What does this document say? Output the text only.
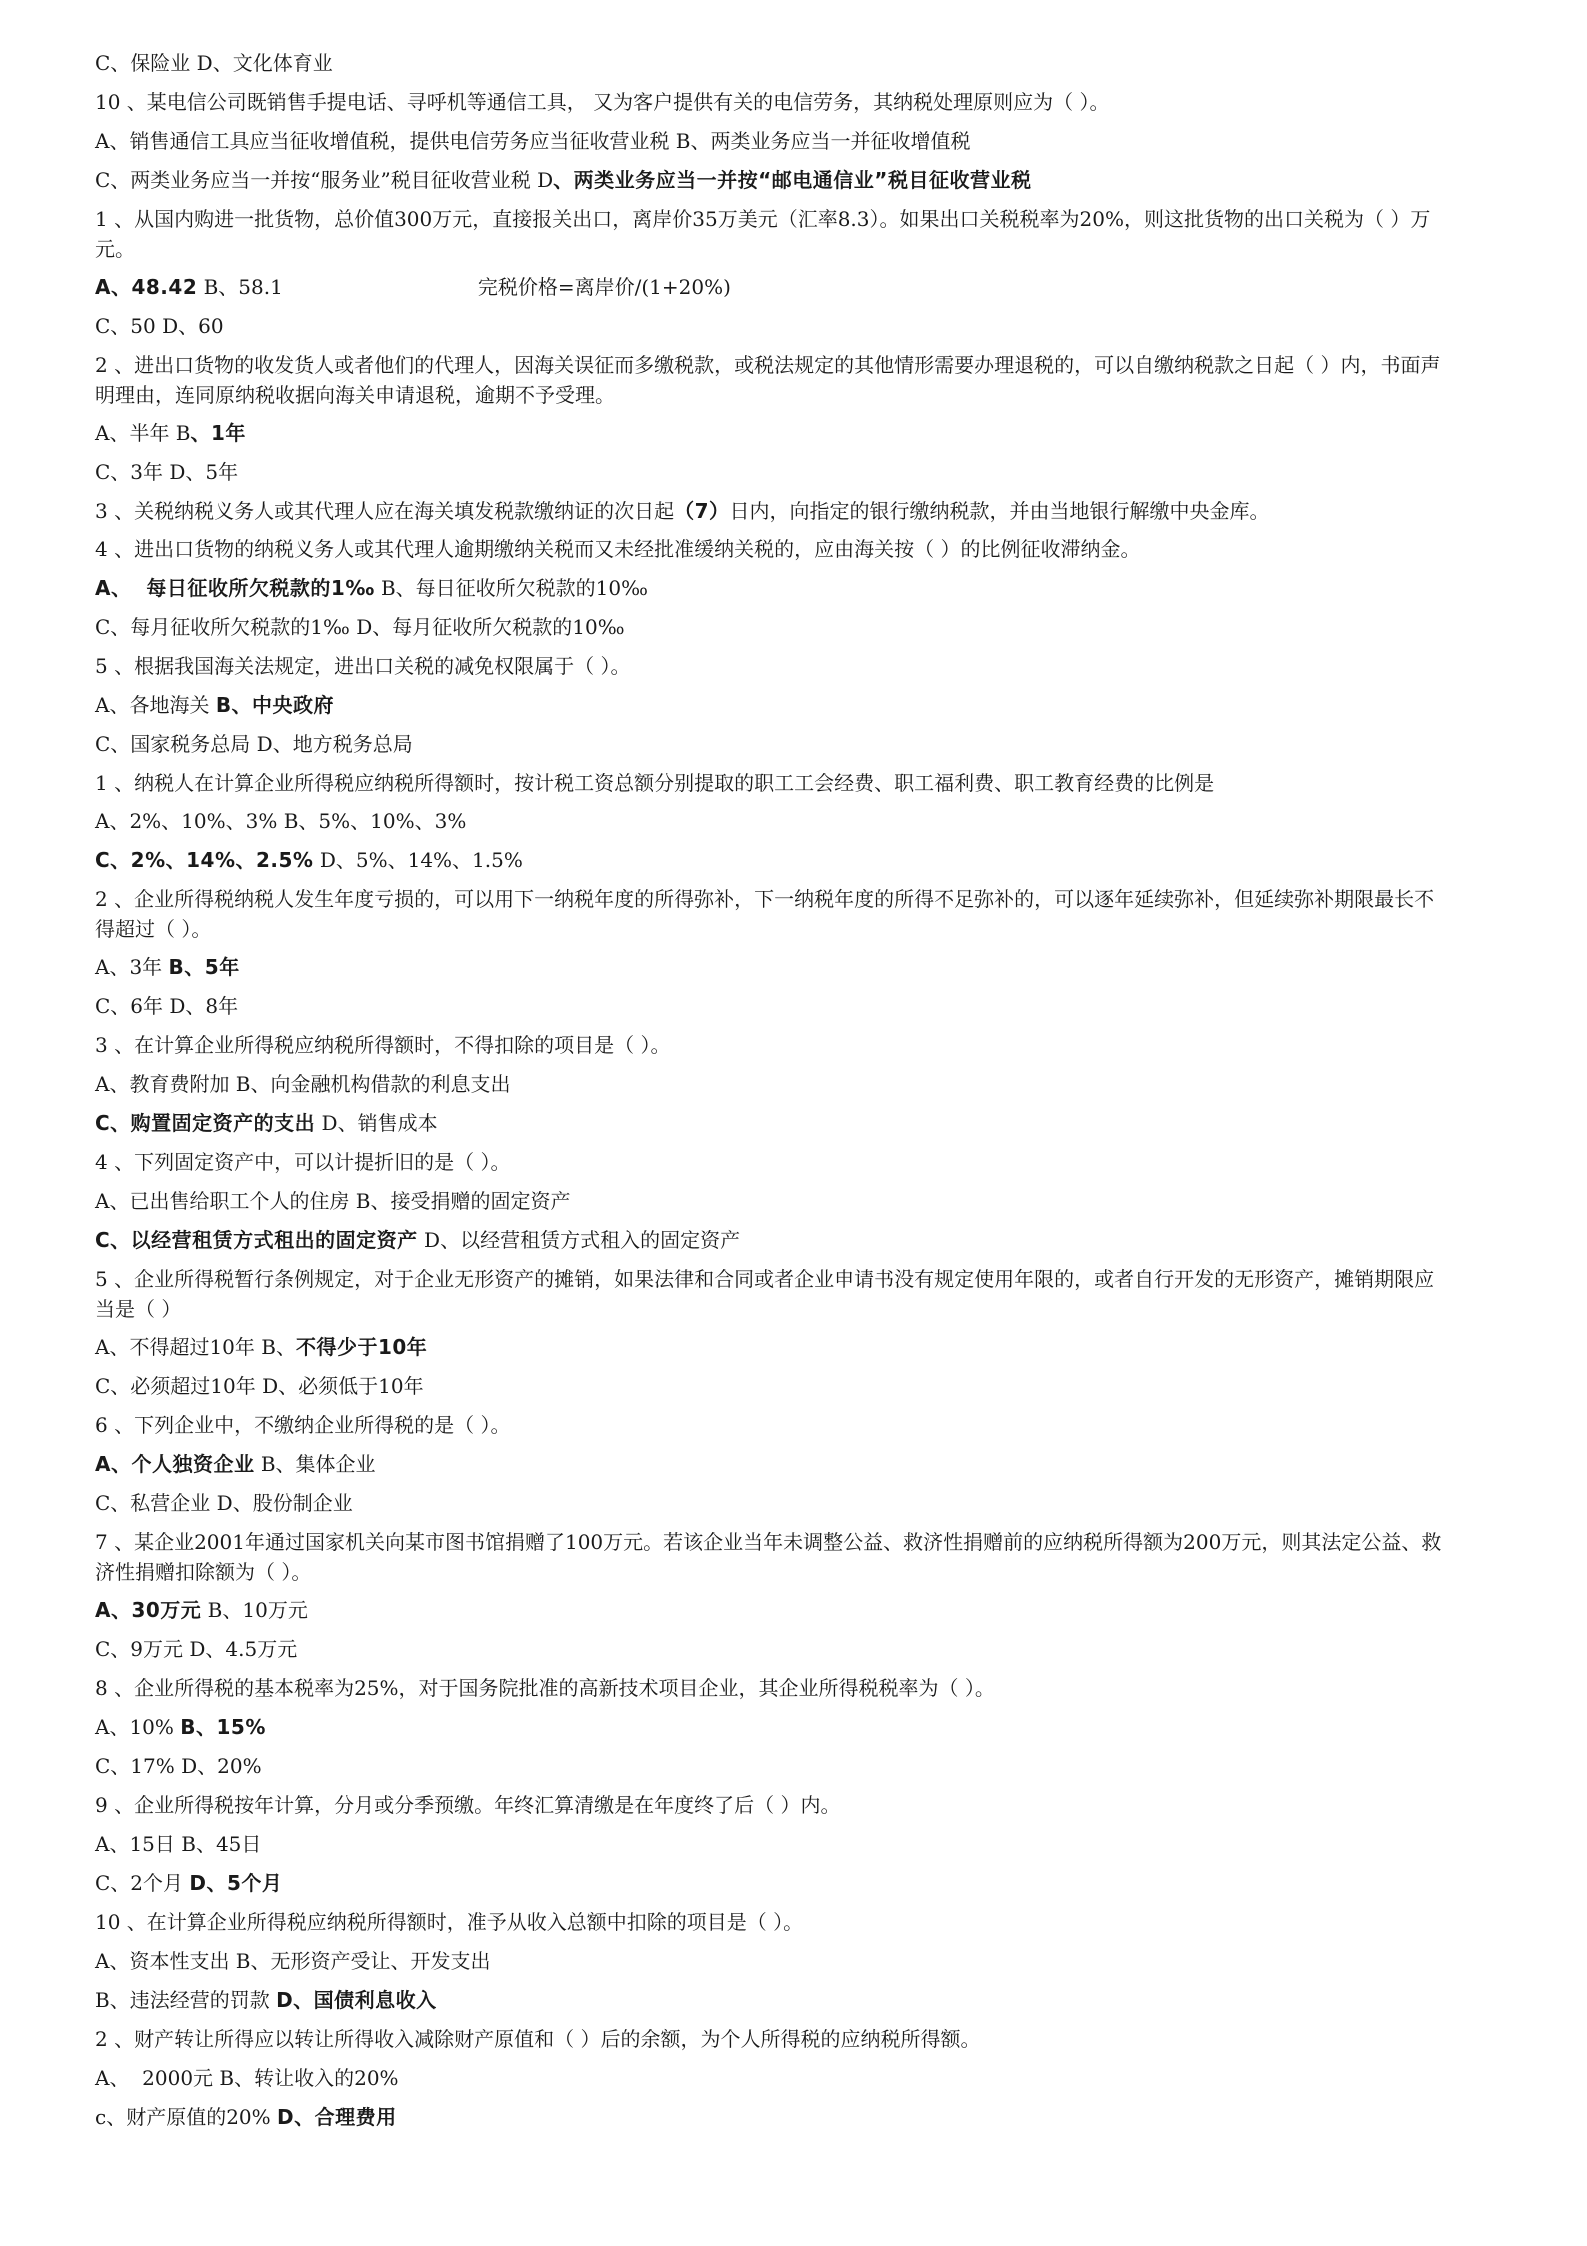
C、保险业 D、文化体育业
10 、某电信公司既销售手提电话、寻呼机等通信工具， 又为客户提供有关的电信劳务，其纳税处理原则应为（ ）。
A、销售通信工具应当征收增值税，提供电信劳务应当征收营业税 B、两类业务应当一并征收增值税
C、两类业务应当一并按“服务业”税目征收营业税 D、两类业务应当一并按“邮电通信业”税目征收营业税
1 、从国内购进一批货物，总价值300万元，直接报关出口，离岸价35万美元（汇率8.3）。如果出口关税税率为20%，则这批货物的出口关税为（ ）万元。
A、48.42 B、58.1	完税价格=离岸价/(1+20%)
C、50 D、60
2 、进出口货物的收发货人或者他们的代理人，因海关误征而多缴税款，或税法规定的其他情形需要办理退税的，可以自缴纳税款之日起（ ）内，书面声明理由，连同原纳税收据向海关申请退税，逾期不予受理。
A、半年 B、1年
C、3年 D、5年
3 、关税纳税义务人或其代理人应在海关填发税款缴纳证的次日起（7）日内，向指定的银行缴纳税款，并由当地银行解缴中央金库。
4 、进出口货物的纳税义务人或其代理人逾期缴纳关税而又未经批准缓纳关税的，应由海关按（ ）的比例征收滞纳金。
A、  每日征收所欠税款的1‰ B、每日征收所欠税款的10‰
C、每月征收所欠税款的1‰ D、每月征收所欠税款的10‰
5 、根据我国海关法规定，进出口关税的减免权限属于（ ）。
A、各地海关 B、中央政府
C、国家税务总局 D、地方税务总局
1 、纳税人在计算企业所得税应纳税所得额时，按计税工资总额分别提取的职工工会经费、职工福利费、职工教育经费的比例是
A、2%、10%、3% B、5%、10%、3%
C、2%、14%、2.5% D、5%、14%、1.5%
2 、企业所得税纳税人发生年度亏损的，可以用下一纳税年度的所得弥补，下一纳税年度的所得不足弥补的，可以逐年延续弥补，但延续弥补期限最长不得超过（ ）。
A、3年 B、5年
C、6年 D、8年
3 、在计算企业所得税应纳税所得额时，不得扣除的项目是（ ）。
A、教育费附加 B、向金融机构借款的利息支出
C、购置固定资产的支出 D、销售成本
4 、下列固定资产中，可以计提折旧的是（ ）。
A、已出售给职工个人的住房 B、接受捐赠的固定资产
C、以经营租赁方式租出的固定资产 D、以经营租赁方式租入的固定资产
5 、企业所得税暂行条例规定，对于企业无形资产的摊销，如果法律和合同或者企业申请书没有规定使用年限的，或者自行开发的无形资产，摊销期限应当是（ ）
A、不得超过10年 B、不得少于10年
C、必须超过10年 D、必须低于10年
6 、下列企业中，不缴纳企业所得税的是（ ）。
A、个人独资企业 B、集体企业
C、私营企业 D、股份制企业
7 、某企业2001年通过国家机关向某市图书馆捐赠了100万元。若该企业当年未调整公益、救济性捐赠前的应纳税所得额为200万元，则其法定公益、救济性捐赠扣除额为（ ）。
A、30万元 B、10万元
C、9万元 D、4.5万元
8 、企业所得税的基本税率为25%，对于国务院批准的高新技术项目企业，其企业所得税税率为（ ）。
A、10% B、15%
C、17% D、20%
9 、企业所得税按年计算，分月或分季预缴。年终汇算清缴是在年度终了后（ ）内。
A、15日 B、45日
C、2个月 D、5个月
10 、在计算企业所得税应纳税所得额时，准予从收入总额中扣除的项目是（ ）。
A、资本性支出 B、无形资产受让、开发支出
B、违法经营的罚款 D、国债利息收入
2 、财产转让所得应以转让所得收入减除财产原值和（ ）后的余额，为个人所得税的应纳税所得额。
A、  2000元 B、转让收入的20%
c、财产原值的20% D、合理费用
